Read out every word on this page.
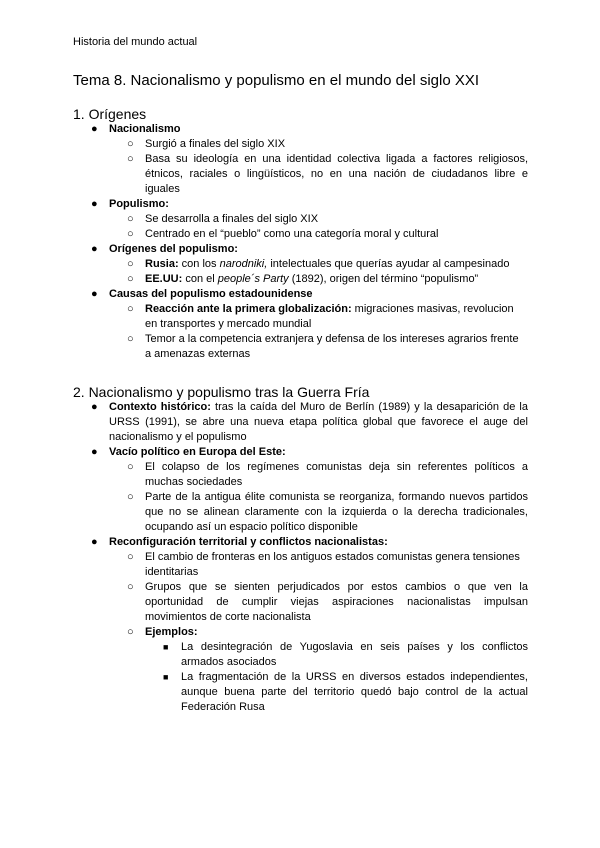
Historia del mundo actual
Tema 8. Nacionalismo y populismo en el mundo del siglo XXI
1. Orígenes
● Nacionalismo
○ Surgió a finales del siglo XIX
○ Basa su ideología en una identidad colectiva ligada a factores religiosos,
étnicos, raciales o lingüísticos, no en una nación de ciudadanos libre e
iguales
● Populismo:
○ Se desarrolla a finales del siglo XIX
○ Centrado en el “pueblo” como una categoría moral y cultural
● Orígenes del populismo:
○ Rusia: con los narodniki, intelectuales que querías ayudar al campesinado
○ EE.UU: con el people´s Party (1892), origen del término “populismo”
● Causas del populismo estadounidense
○ Reacción ante la primera globalización: migraciones masivas, revolucion
en transportes y mercado mundial
○ Temor a la competencia extranjera y defensa de los intereses agrarios frente
a amenazas externas
2. Nacionalismo y populismo tras la Guerra Fría
● Contexto histórico: tras la caída del Muro de Berlín (1989) y la desaparición de la
URSS (1991), se abre una nueva etapa política global que favorece el auge del
nacionalismo y el populismo
● Vacío político en Europa del Este:
○ El colapso de los regímenes comunistas deja sin referentes políticos a
muchas sociedades
○ Parte de la antigua élite comunista se reorganiza, formando nuevos partidos
que no se alinean claramente con la izquierda o la derecha tradicionales,
ocupando así un espacio político disponible
● Reconfiguración territorial y conflictos nacionalistas:
○ El cambio de fronteras en los antiguos estados comunistas genera tensiones
identitarias
○ Grupos que se sienten perjudicados por estos cambios o que ven la
oportunidad de cumplir viejas aspiraciones nacionalistas impulsan
movimientos de corte nacionalista
○ Ejemplos:
■ La desintegración de Yugoslavia en seis países y los conflictos
armados asociados
■ La fragmentación de la URSS en diversos estados independientes,
aunque buena parte del territorio quedó bajo control de la actual
Federación Rusa
